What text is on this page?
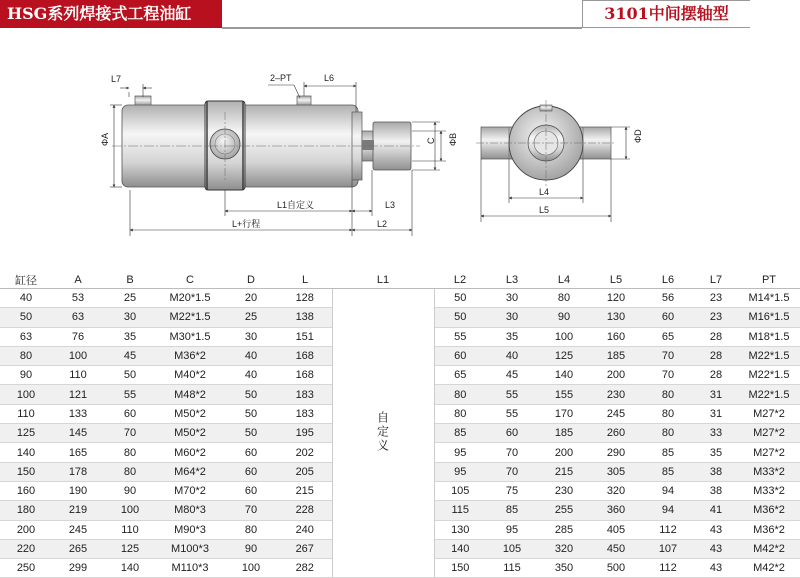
HSG系列焊接式工程油缸	3101中间摆轴型
L7	2–PT	L6
ΦA	C ΦB
L1自定义	L3
L+行程	L2
L4
L5
ΦD
缸径	A	B	C	D	L	L1	L2	L3	L4	L5	L6	L7	PT
40	53	25	M20*1.5	20	128	自定义	50	30	80	120	56	23	M14*1.5
50	63	30	M22*1.5	25	138		50	30	90	130	60	23	M16*1.5
63	76	35	M30*1.5	30	151		55	35	100	160	65	28	M18*1.5
80	100	45	M36*2	40	168		60	40	125	185	70	28	M22*1.5
90	110	50	M40*2	40	168		65	45	140	200	70	28	M22*1.5
100	121	55	M48*2	50	183		80	55	155	230	80	31	M22*1.5
110	133	60	M50*2	50	183		80	55	170	245	80	31	M27*2
125	145	70	M50*2	50	195		85	60	185	260	80	33	M27*2
140	165	80	M60*2	60	202		95	70	200	290	85	35	M27*2
150	178	80	M64*2	60	205		95	70	215	305	85	38	M33*2
160	190	90	M70*2	60	215		105	75	230	320	94	38	M33*2
180	219	100	M80*3	70	228		115	85	255	360	94	41	M36*2
200	245	110	M90*3	80	240		130	95	285	405	112	43	M36*2
220	265	125	M100*3	90	267		140	105	320	450	107	43	M42*2
250	299	140	M110*3	100	282		150	115	350	500	112	43	M42*2
